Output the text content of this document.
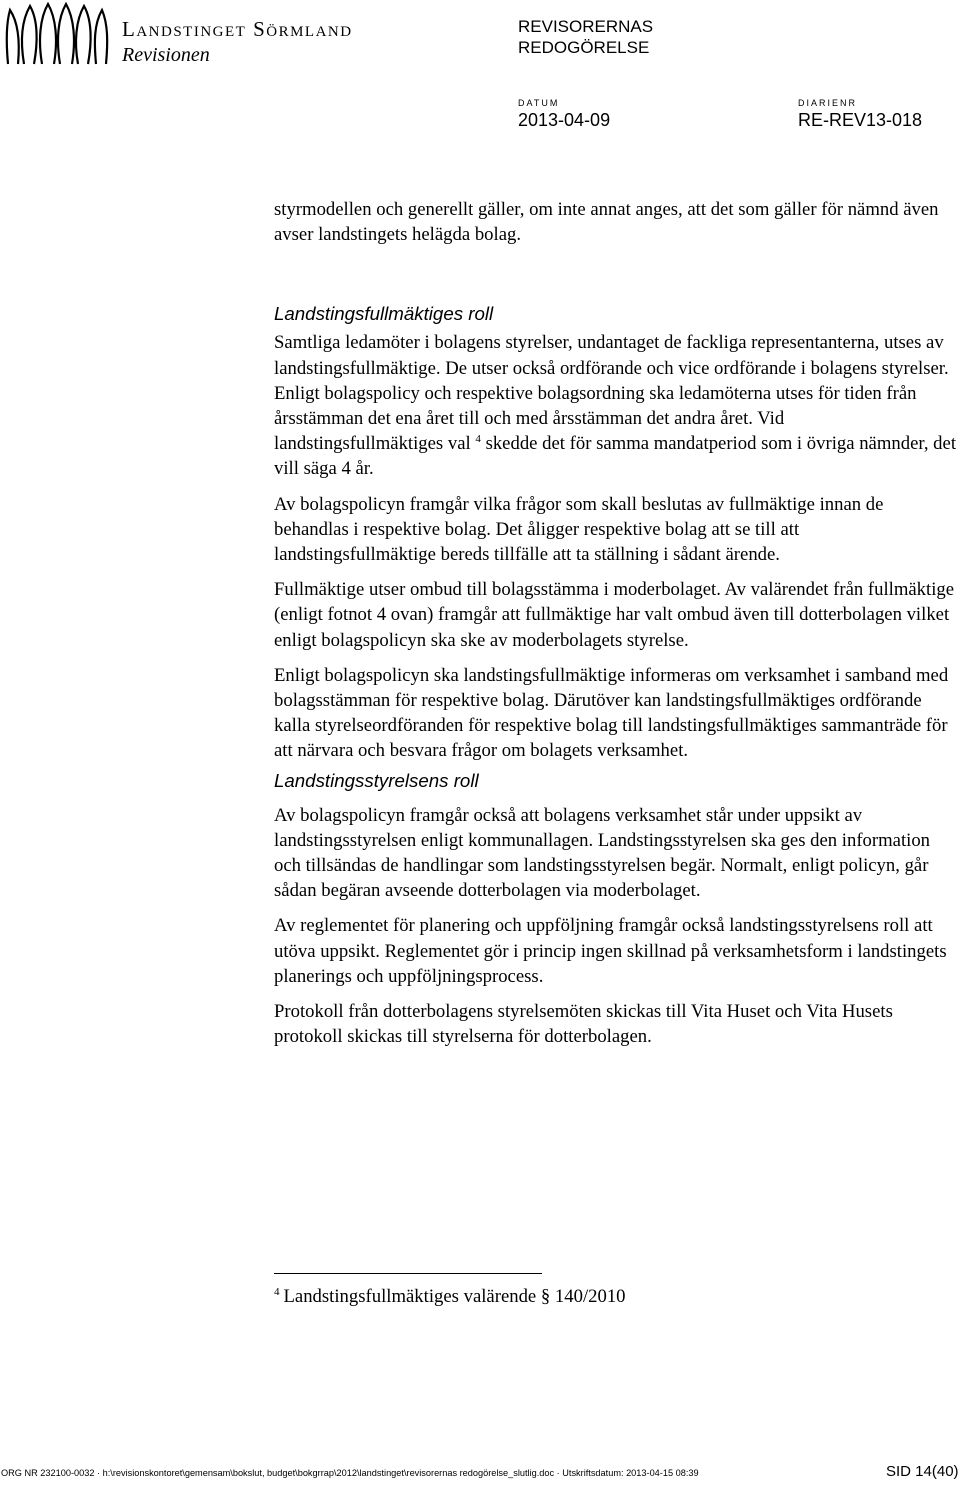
Landstinget Sörmland
Revisionen
REVISORERNAS
REDOGÖRELSE
DATUM
2013-04-09
DIARIENR
RE-REV13-018

styrmodellen och generellt gäller, om inte annat anges, att det som gäller för nämnd även avser landstingets helägda bolag.

Landstingsfullmäktiges roll

Samtliga ledamöter i bolagens styrelser, undantaget de fackliga representanterna, utses av landstingsfullmäktige. De utser också ordförande och vice ordförande i bolagens styrelser. Enligt bolagspolicy och respektive bolagsordning ska ledamöterna utses för tiden från årsstämman det ena året till och med årsstämman det andra året. Vid landstingsfullmäktiges val $^4$ skedde det för samma mandatperiod som i övriga nämnder, det vill säga 4 år.

Av bolagspolicyn framgår vilka frågor som skall beslutas av fullmäktige innan de behandlas i respektive bolag. Det åligger respektive bolag att se till att landstingsfullmäktige bereds tillfälle att ta ställning i sådant ärende.

Fullmäktige utser ombud till bolagsstämma i moderbolaget. Av valärendet från fullmäktige (enligt fotnot 4 ovan) framgår att fullmäktige har valt ombud även till dotterbolagen vilket enligt bolagspolicyn ska ske av moderbolagets styrelse.

Enligt bolagspolicyn ska landstingsfullmäktige informeras om verksamhet i samband med bolagsstämman för respektive bolag. Därutöver kan landstingsfullmäktiges ordförande kalla styrelseordföranden för respektive bolag till landstingsfullmäktiges sammanträde för att närvara och besvara frågor om bolagets verksamhet.

Landstingsstyrelsens roll

Av bolagspolicyn framgår också att bolagens verksamhet står under uppsikt av landstingsstyrelsen enligt kommunallagen. Landstingsstyrelsen ska ges den information och tillsändas de handlingar som landstingsstyrelsen begär. Normalt, enligt policyn, går sådan begäran avseende dotterbolagen via moderbolaget.

Av reglementet för planering och uppföljning framgår också landstingsstyrelsens roll att utöva uppsikt. Reglementet gör i princip ingen skillnad på verksamhetsform i landstingets planerings och uppföljningsprocess.

Protokoll från dotterbolagens styrelsemöten skickas till Vita Huset och Vita Husets protokoll skickas till styrelserna för dotterbolagen.

$^4$ Landstingsfullmäktiges valärende § 140/2010
ORG NR 232100-0032 · h:\revisionskontoret\gemensam\bokslut, budget\bokgrrap\2012\landstinget\revisorernas redogörelse_slutlig.doc · Utskriftsdatum: 2013-04-15 08:39	SID 14(40)
